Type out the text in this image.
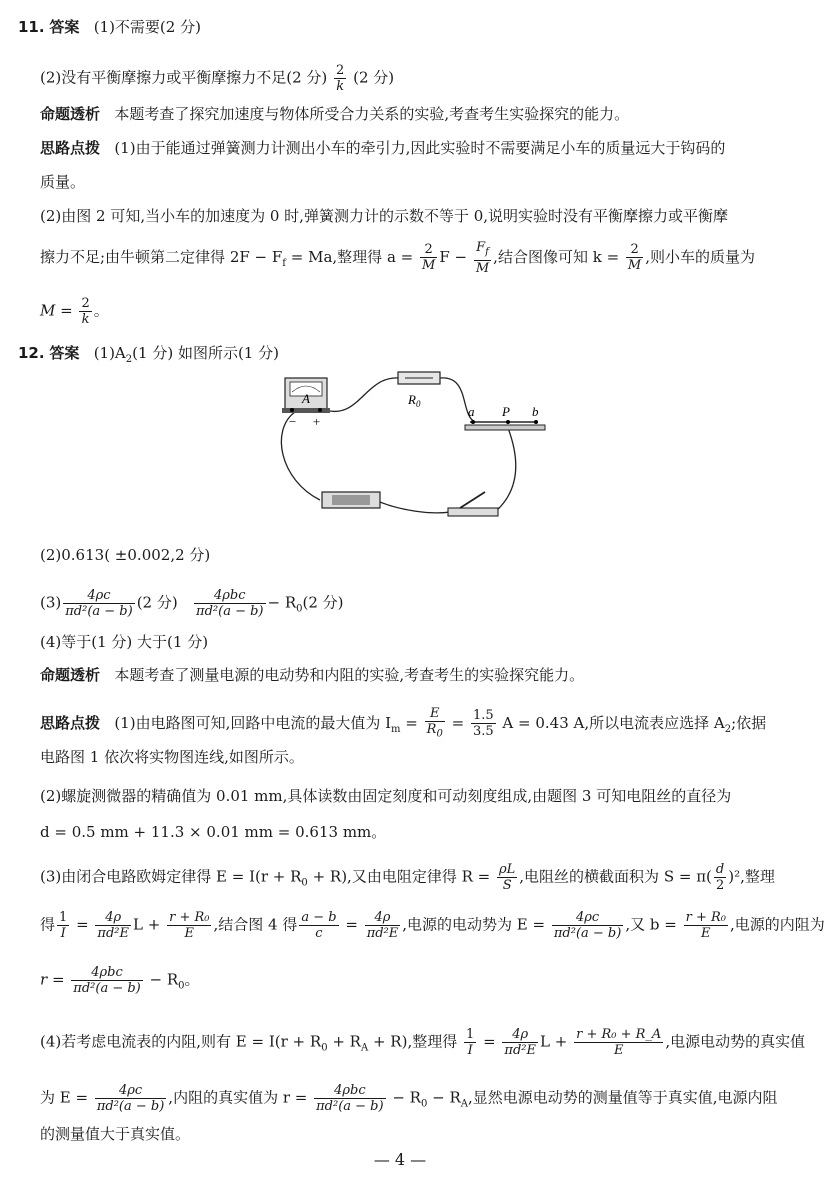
11. 答案 (1)不需要(2 分)
(2)没有平衡摩擦力或平衡摩擦力不足(2 分) $\frac{2}{k} (2$ 分)
命题透析 本题考查了探究加速度与物体所受合力关系的实验,考查考生实验探究的能力。
思路点拨 (1)由于能通过弹簧测力计测出小车的牵引力,因此实验时不需要满足小车的质量远大于钩码的
质量。
(2)由图 2 可知,当小车的加速度为 0 时,弹簧测力计的示数不等于 0,说明实验时没有平衡摩擦力或平衡摩
擦力不足;由牛顿第二定律得 $2F - F_f = Ma$,整理得 $a = \frac{2}{M}$ $F - \frac{F_f}{M}$ ,结合图像可知 $k = \frac{2}{M}$ ,则小车的质量为
$M = \frac{2}{k}$ 。
12. 答案 $(1)A_2(1$ 分) 如图所示(1 分)
A
− +
$R_0$	a P b
(2)0.613( ±0.002,2 分)
$(3) \frac{4\rho c}{\text{πd²(a − b)}} (2$ 分) $\frac{\text{4ρbc}}{\text{πd²(a − b)}} - R_0(2$ 分)
(4)等于(1 分) 大于(1 分)
命题透析 本题考查了测量电源的电动势和内阻的实验,考查考生的实验探究能力。
思路点拨 (1)由电路图可知,回路中电流的最大值为 $I_m = \frac{E}{R_0} = \frac{1.5}{3.5}$ A = 0.43 A,所以电流表应选择 $A_2$;依据
电路图 1 依次将实物图连线,如图所示。
(2)螺旋测微器的精确值为 0.01 mm,具体读数由固定刻度和可动刻度组成,由题图 3 可知电阻丝的直径为
d = 0.5 mm + 11.3 × 0.01 mm = 0.613 mm。
(3)由闭合电路欧姆定律得 $E = I(r + R_0 + R)$,又由电阻定律得 $R = \frac{\rho L}{S}$ ,电阻丝的横截面积为 $S = \pi( \frac{d}{2} )^2$,整理
得 $\frac{1}{I} = \frac{4\rho}{\text{πd²E}}$ $L + \frac{\text{r + R₀}}{E}$ ,结合图 4 得 $\frac{a - b}{c} = \frac{4\rho}{\text{πd²E}}$ ,电源的电动势为 $E = \frac{4\rho c}{\text{πd²(a − b)}}$ ,又 $b = \frac{\text{r + R₀}}{E}$ ,电源的内阻为
$r = \frac{\text{4ρbc}}{\text{πd²(a − b)}} - R_0$。
(4)若考虑电流表的内阻,则有 $E = I(r + R_0 + R_A + R)$,整理得 $\frac{1}{I} = \frac{4\rho}{\text{πd²E}}$ $L + \frac{\text{r + R₀ + R\_A}}{E}$ ,电源电动势的真实值
为 $E = \frac{4\rho c}{\text{πd²(a − b)}}$ ,内阻的真实值为 $r = \frac{\text{4ρbc}}{\text{πd²(a − b)}} - R_0 - R_A$,显然电源电动势的测量值等于真实值,电源内阻
的测量值大于真实值。
— 4 —
